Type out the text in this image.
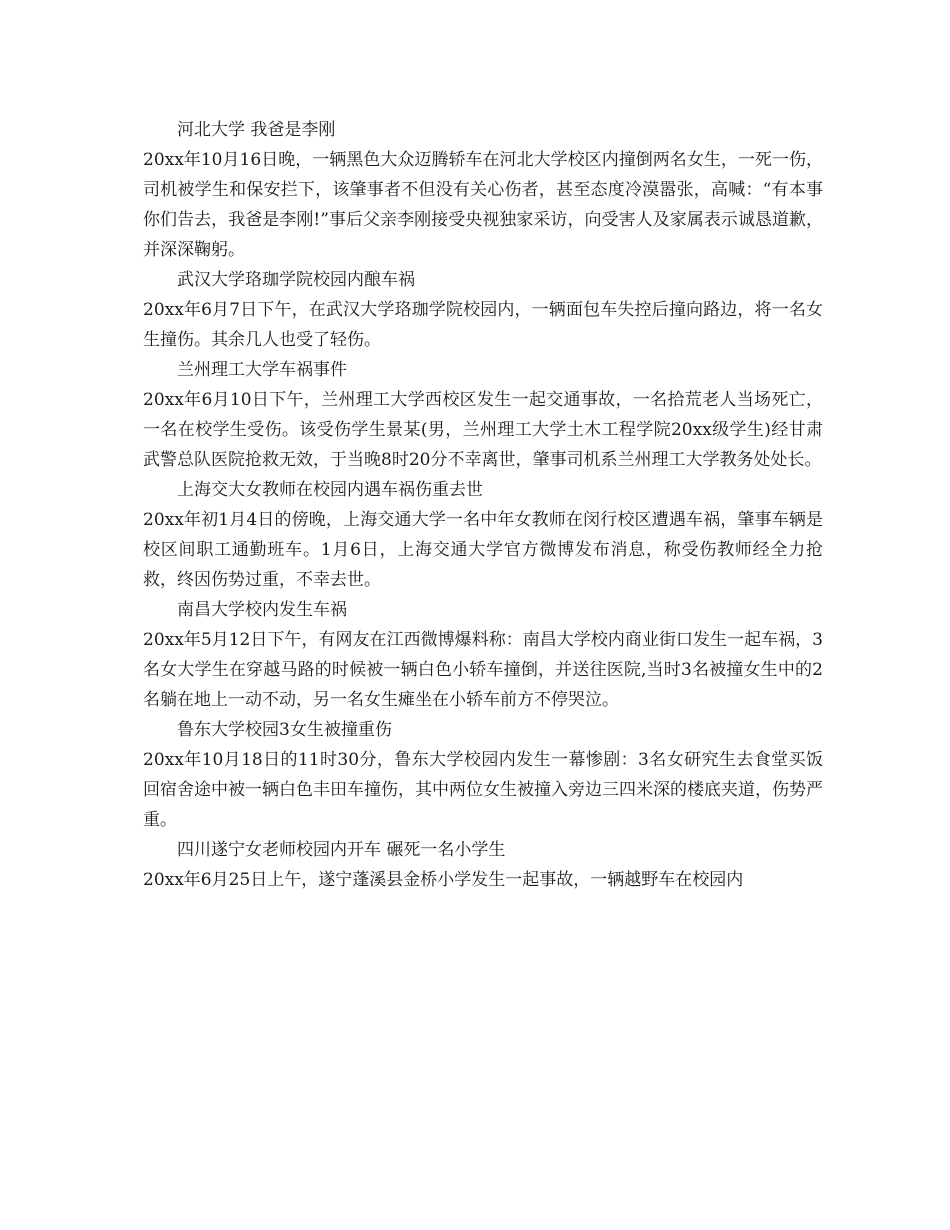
河北大学 我爸是李刚

20xx年10月16日晚，一辆黑色大众迈腾轿车在河北大学校区内撞倒两名女生，一死一伤，司机被学生和保安拦下，该肇事者不但没有关心伤者，甚至态度冷漠嚣张，高喊：“有本事你们告去，我爸是李刚!”事后父亲李刚接受央视独家采访，向受害人及家属表示诚恳道歉，并深深鞠躬。

武汉大学珞珈学院校园内酿车祸

20xx年6月7日下午，在武汉大学珞珈学院校园内，一辆面包车失控后撞向路边，将一名女生撞伤。其余几人也受了轻伤。

兰州理工大学车祸事件

20xx年6月10日下午，兰州理工大学西校区发生一起交通事故，一名拾荒老人当场死亡，一名在校学生受伤。该受伤学生景某(男，兰州理工大学土木工程学院20xx级学生)经甘肃武警总队医院抢救无效，于当晚8时20分不幸离世，肇事司机系兰州理工大学教务处处长。

上海交大女教师在校园内遇车祸伤重去世

20xx年初1月4日的傍晚，上海交通大学一名中年女教师在闵行校区遭遇车祸，肇事车辆是校区间职工通勤班车。1月6日，上海交通大学官方微博发布消息，称受伤教师经全力抢救，终因伤势过重，不幸去世。

南昌大学校内发生车祸

20xx年5月12日下午，有网友在江西微博爆料称：南昌大学校内商业街口发生一起车祸，3名女大学生在穿越马路的时候被一辆白色小轿车撞倒，并送往医院,当时3名被撞女生中的2名躺在地上一动不动，另一名女生瘫坐在小轿车前方不停哭泣。

鲁东大学校园3女生被撞重伤

20xx年10月18日的11时30分，鲁东大学校园内发生一幕惨剧：3名女研究生去食堂买饭回宿舍途中被一辆白色丰田车撞伤，其中两位女生被撞入旁边三四米深的楼底夹道，伤势严重。

四川遂宁女老师校园内开车 碾死一名小学生

20xx年6月25日上午，遂宁蓬溪县金桥小学发生一起事故，一辆越野车在校园内
